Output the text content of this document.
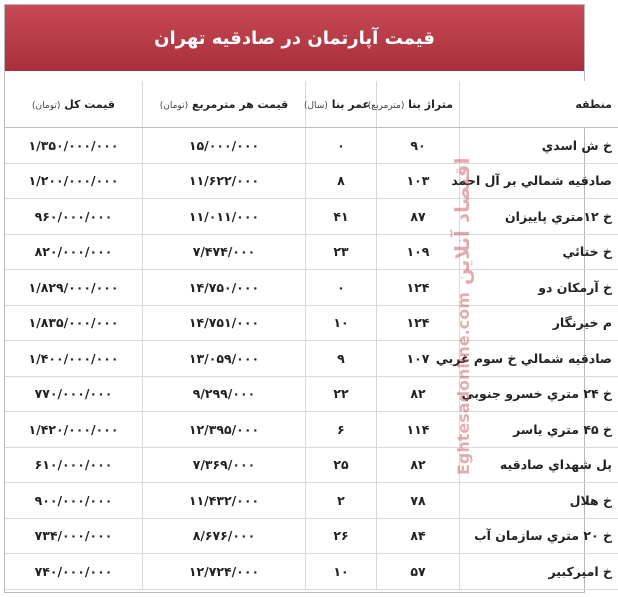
قیمت آپارتمان در صادقیه تهران
منطقه	متراژ بنا (مترمربع)	عمر بنا (سال)	قیمت هر مترمربع (تومان)	قیمت کل (تومان)
خ ش اسدي	۹۰	۰	۱۵/۰۰۰/۰۰۰	۱/۳۵۰/۰۰۰/۰۰۰
صادقیه شمالي بر آل احمد	۱۰۳	۸	۱۱/۶۲۲/۰۰۰	۱/۲۰۰/۰۰۰/۰۰۰
خ ۱۲متري پاییزان	۸۷	۴۱	۱۱/۰۱۱/۰۰۰	۹۶۰/۰۰۰/۰۰۰
خ ختائي	۱۰۹	۲۳	۷/۴۷۴/۰۰۰	۸۲۰/۰۰۰/۰۰۰
خ آرمکان دو	۱۲۴	۰	۱۴/۷۵۰/۰۰۰	۱/۸۲۹/۰۰۰/۰۰۰
م خیرنگار	۱۲۴	۱۰	۱۴/۷۵۱/۰۰۰	۱/۸۳۵/۰۰۰/۰۰۰
صادقیه شمالي خ سوم غربي	۱۰۷	۹	۱۳/۰۵۹/۰۰۰	۱/۴۰۰/۰۰۰/۰۰۰
خ ۲۴ متري خسرو جنوبي	۸۲	۲۲	۹/۲۹۹/۰۰۰	۷۷۰/۰۰۰/۰۰۰
خ ۴۵ متري یاسر	۱۱۴	۶	۱۲/۳۹۵/۰۰۰	۱/۴۲۰/۰۰۰/۰۰۰
پل شهداي صادقیه	۸۲	۲۵	۷/۳۶۹/۰۰۰	۶۱۰/۰۰۰/۰۰۰
خ هلال	۷۸	۲	۱۱/۴۳۲/۰۰۰	۹۰۰/۰۰۰/۰۰۰
خ ۲۰ متري سازمان آب	۸۴	۲۶	۸/۶۷۶/۰۰۰	۷۳۴/۰۰۰/۰۰۰
خ امیرکبیر	۵۷	۱۰	۱۲/۷۲۴/۰۰۰	۷۴۰/۰۰۰/۰۰۰
اقتصاد آنلاین Eghtesadonline.com
